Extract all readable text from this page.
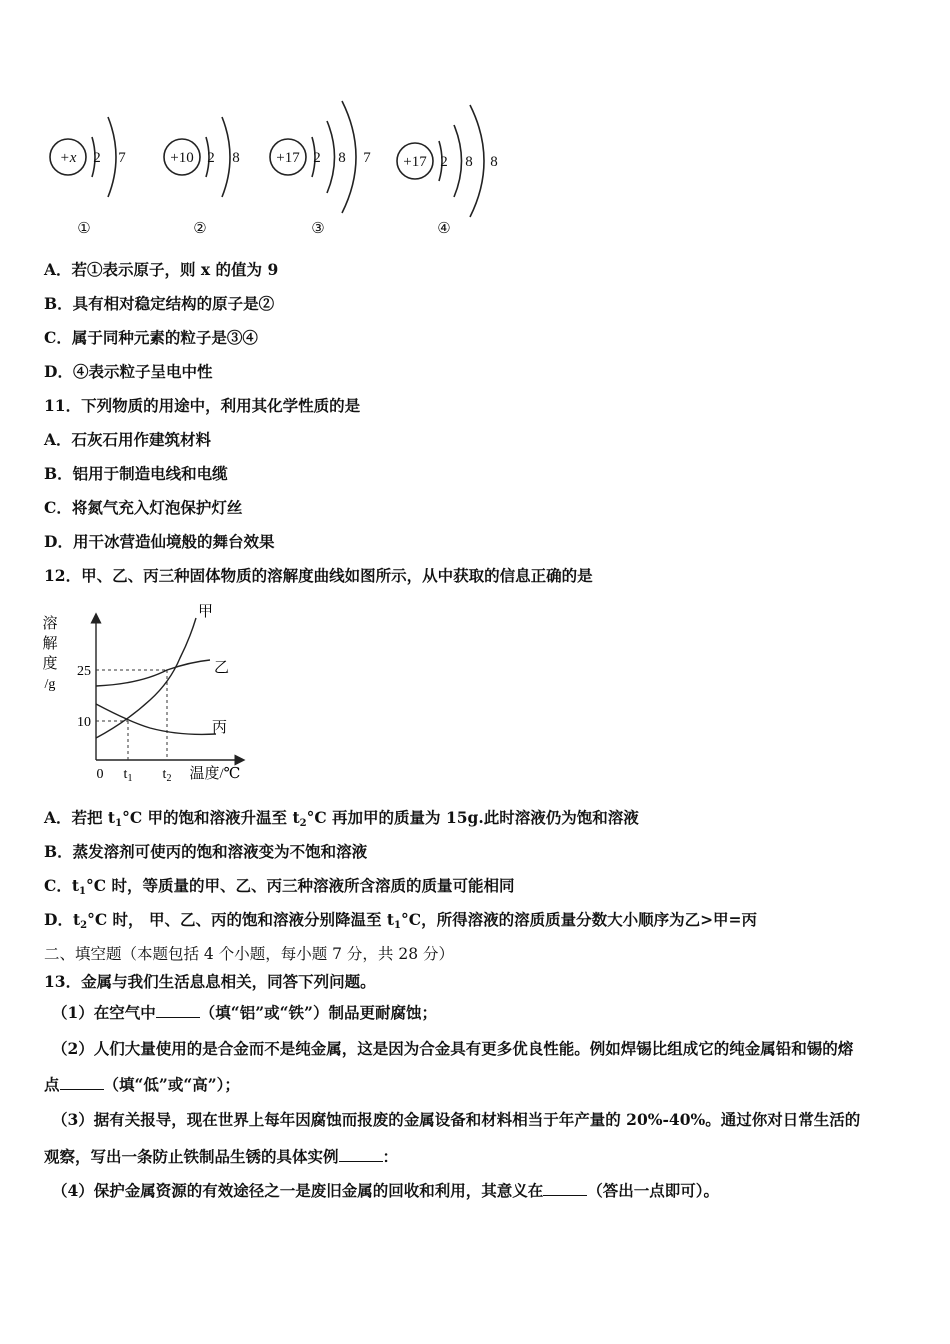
+x 2 7
①
+10 2 8
②
+17 2 8 7
③
+17 2 8 8
④
A．若①表示原子，则 x 的值为 9
B．具有相对稳定结构的原子是②
C．属于同种元素的粒子是③④
D．④表示粒子呈电中性
11．下列物质的用途中，利用其化学性质的是
A．石灰石用作建筑材料
B．铝用于制造电线和电缆
C．将氮气充入灯泡保护灯丝
D．用干冰营造仙境般的舞台效果
12．甲、乙、丙三种固体物质的溶解度曲线如图所示，从中获取的信息正确的是
溶
解
度
/g
0 $t_1$ $t_2$ 温度/℃
25
10
甲
乙
丙
A．若把 $t_1^\circ C$ 甲的饱和溶液升温至 $t_2^\circ C$ 再加甲的质量为 15g.此时溶液仍为饱和溶液
B．蒸发溶剂可使丙的饱和溶液变为不饱和溶液
C．$t_1^\circ C$ 时，等质量的甲、乙、丙三种溶液所含溶质的质量可能相同
D．$t_2^\circ C$ 时， 甲、乙、丙的饱和溶液分别降温至 $t_1^\circ C$，所得溶液的溶质质量分数大小顺序为乙>甲=丙
二、填空题（本题包括 4 个小题，每小题 7 分，共 28 分）
13．金属与我们生活息息相关，同答下列问题。
（1）在空气中	（填“铝”或“铁”）制品更耐腐蚀；
（2）人们大量使用的是合金而不是纯金属，这是因为合金具有更多优良性能。例如焊锡比组成它的纯金属铅和锡的熔
点	（填“低”或“高”）；
（3）据有关报导，现在世界上每年因腐蚀而报废的金属设备和材料相当于年产量的 20%-40%。通过你对日常生活的
观察，写出一条防止铁制品生锈的具体实例	：
（4）保护金属资源的有效途径之一是废旧金属的回收和利用，其意义在	（答出一点即可）。
